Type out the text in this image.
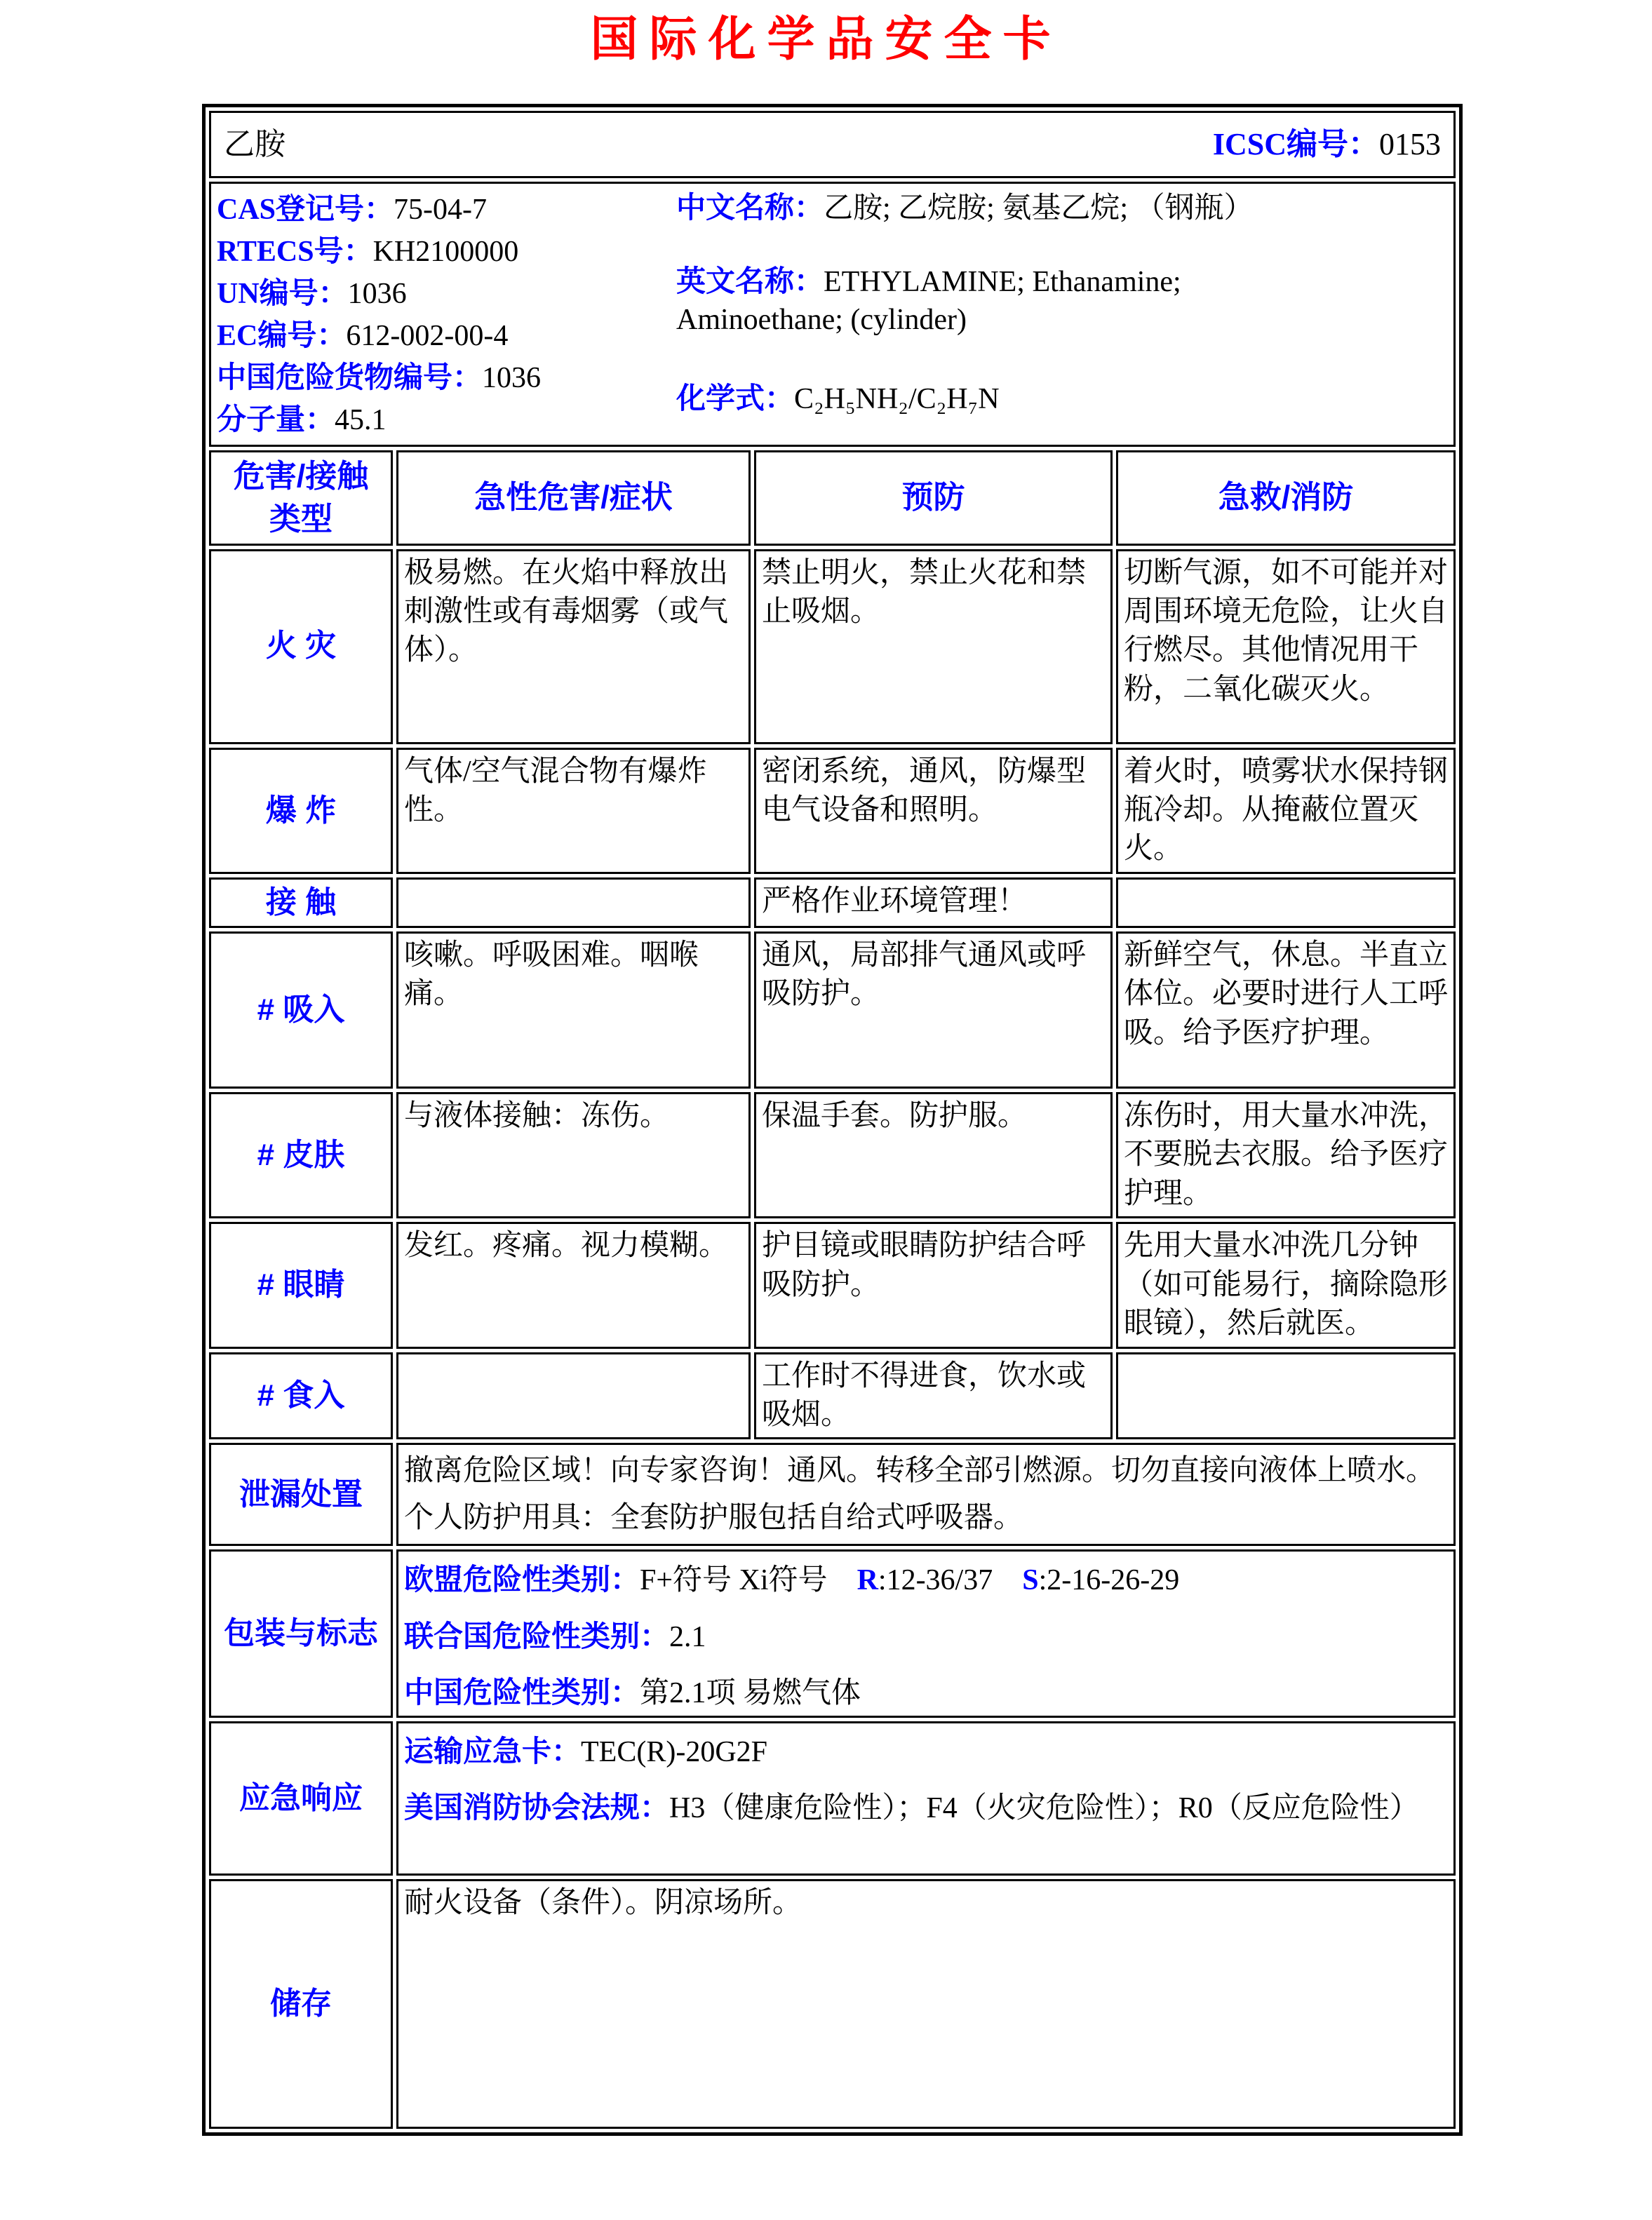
国际化学品安全卡
乙胺 ICSC编号：0153			

CAS登记号： 75-04-7
RTECS号： KH2100000
UN编号： 1036
EC编号： 612-002-00-4
中国危险货物编号： 1036
分子量： 45.1
中文名称：乙胺; 乙烷胺; 氨基乙烷; （钢瓶）
英文名称：ETHYLAMINE; Ethanamine; Aminoethane; (cylinder)
化学式：C₂H₅NH₂/C₂H₇N

危害/接触 类型	急性危害/症状	预防	急救/消防
火 灾	极易燃。在火焰中释放出刺激性或有毒烟雾（或气体）。	禁止明火，禁止火花和禁止吸烟。	切断气源，如不可能并对周围环境无危险，让火自行燃尽。其他情况用干粉，二氧化碳灭火。
爆 炸	气体/空气混合物有爆炸性。	密闭系统，通风，防爆型电气设备和照明。	着火时，喷雾状水保持钢瓶冷却。从掩蔽位置灭火。
接 触		严格作业环境管理！	
# 吸入	咳嗽。呼吸困难。咽喉痛。	通风，局部排气通风或呼吸防护。	新鲜空气，休息。半直立体位。必要时进行人工呼吸。给予医疗护理。
# 皮肤	与液体接触：冻伤。	保温手套。防护服。	冻伤时，用大量水冲洗，不要脱去衣服。给予医疗护理。
# 眼睛	发红。疼痛。视力模糊。	护目镜或眼睛防护结合呼吸防护。	先用大量水冲洗几分钟（如可能易行，摘除隐形眼镜），然后就医。
# 食入		工作时不得进食，饮水或吸烟。	
泄漏处置	撤离危险区域！向专家咨询！通风。转移全部引燃源。切勿直接向液体上喷水。个人防护用具：全套防护服包括自给式呼吸器。		
包装与标志	欧盟危险性类别：F+符号 Xi符号 R:12-36/37 S:2-16-26-29
联合国危险性类别：2.1
中国危险性类别：第2.1项 易燃气体		

应急响应	运输应急卡：TEC(R)-20G2F
美国消防协会法规：H3（健康危险性）；F4（火灾危险性）；R0（反应危险性）		

储存	耐火设备（条件）。阴凉场所。		
